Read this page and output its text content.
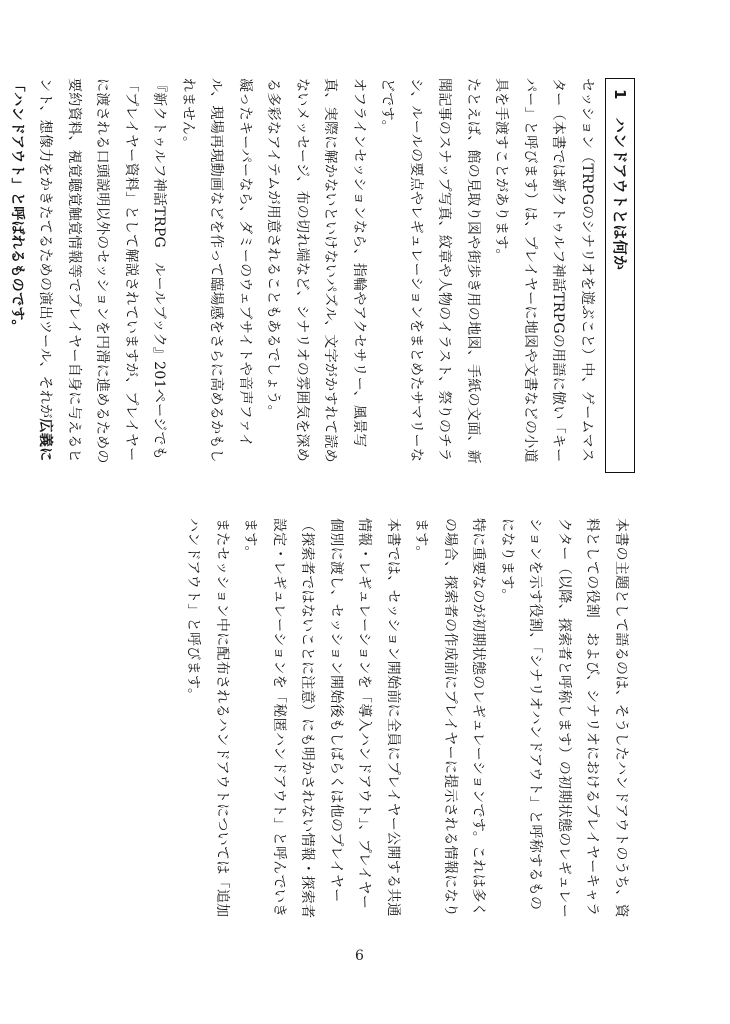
1
ハンドアウトとは何か

セッション（TRPGのシナリオを遊ぶこと）中、ゲームマスター（本書では新クトゥルフ神話TRPGの用語に倣い「キーパー」と呼びます）は、プレイヤーに地図や文書などの小道具を手渡すことがあります。

たとえば、館の見取り図や街歩き用の地図、手紙の文面、新聞記事のスナップ写真、紋章や人物のイラスト、祭りのチラシ、ルールの要点やレギュレーションをまとめたサマリーなどです。

オフラインセッションなら、指輪やアクセサリー、風景写真、実際に解かないといけないパズル、文字がかすれて読めないメッセージ、布の切れ端など、シナリオの雰囲気を深める多彩なアイテムが用意されることもあるでしょう。

凝ったキーパーなら、ダミーのウェブサイトや音声ファイル、現場再現動画などを作って臨場感をさらに高めるかもしれません。

『新クトゥルフ神話TRPG　ルールブック』201ページでも「プレイヤー資料」として解説されていますが、プレイヤーに渡される口頭説明以外のセッションを円滑に進めるための要約資料、視覚聴覚触覚情報等でプレイヤー自身に与えるヒント、想像力をかきたてるための演出ツール、それが広義に「ハンドアウト」と呼ばれるものです。

本書の主題として語るのは、そうしたハンドアウトのうち、資料としての役割　および、シナリオにおけるプレイヤーキャラクター（以降、探索者と呼称します）の初期状態のレギュレーションを示す役割、「シナリオハンドアウト」と呼称するものになります。

特に重要なのが初期状態のレギュレーションです。これは多くの場合、探索者の作成前にプレイヤーに提示される情報になります。

本書では、セッション開始前に全員にプレイヤー公開する共通情報・レギュレーションを「導入ハンドアウト」、プレイヤー個別に渡し、セッション開始後もしばらくは他のプレイヤー（探索者ではないことに注意）にも明かされない情報・探索者設定・レギュレーションを「秘匿ハンドアウト」と呼んでいきます。

またセッション中に配布されるハンドアウトについては「追加ハンドアウト」と呼びます。

6
